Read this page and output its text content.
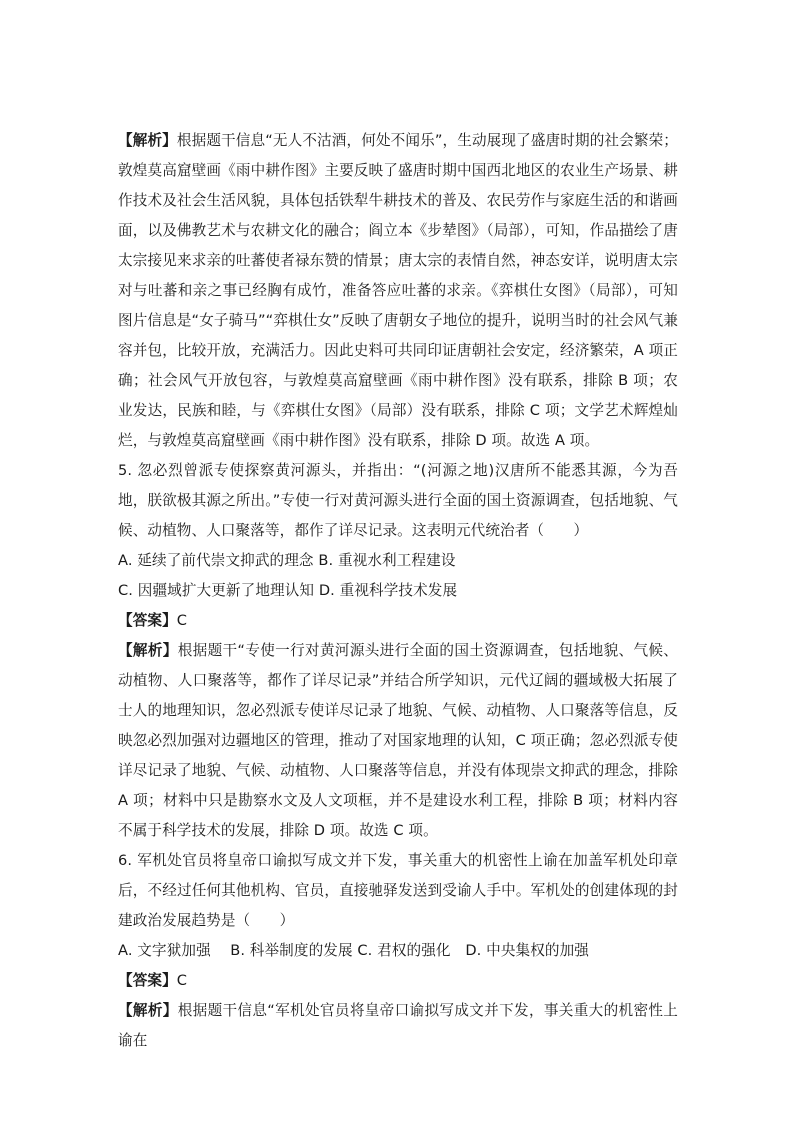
【解析】根据题干信息“无人不沽酒，何处不闻乐”，生动展现了盛唐时期的社会繁荣；敦煌莫高窟壁画《雨中耕作图》主要反映了盛唐时期中国西北地区的农业生产场景、耕作技术及社会生活风貌，具体包括铁犁牛耕技术的普及、农民劳作与家庭生活的和谐画面，以及佛教艺术与农耕文化的融合；阎立本《步辇图》（局部），可知，作品描绘了唐太宗接见来求亲的吐蕃使者禄东赞的情景；唐太宗的表情自然，神态安详，说明唐太宗对与吐蕃和亲之事已经胸有成竹，准备答应吐蕃的求亲。《弈棋仕女图》（局部），可知图片信息是“女子骑马”“弈棋仕女”反映了唐朝女子地位的提升，说明当时的社会风气兼容并包，比较开放，充满活力。因此史料可共同印证唐朝社会安定，经济繁荣，A 项正确；社会风气开放包容，与敦煌莫高窟壁画《雨中耕作图》没有联系，排除 B 项；农业发达，民族和睦，与《弈棋仕女图》（局部）没有联系，排除 C 项；文学艺术辉煌灿烂，与敦煌莫高窟壁画《雨中耕作图》没有联系，排除 D 项。故选 A 项。

5. 忽必烈曾派专使探察黄河源头，并指出：“(河源之地)汉唐所不能悉其源，今为吾地，朕欲极其源之所出。”专使一行对黄河源头进行全面的国土资源调查，包括地貌、气候、动植物、人口聚落等，都作了详尽记录。这表明元代统治者（　　）

A. 延续了前代崇文抑武的理念 B. 重视水利工程建设

C. 因疆域扩大更新了地理认知 D. 重视科学技术发展

【答案】C

【解析】根据题干“专使一行对黄河源头进行全面的国土资源调查，包括地貌、气候、动植物、人口聚落等，都作了详尽记录”并结合所学知识，元代辽阔的疆域极大拓展了士人的地理知识，忽必烈派专使详尽记录了地貌、气候、动植物、人口聚落等信息，反映忽必烈加强对边疆地区的管理，推动了对国家地理的认知，C 项正确；忽必烈派专使详尽记录了地貌、气候、动植物、人口聚落等信息，并没有体现崇文抑武的理念，排除 A 项；材料中只是勘察水文及人文项框，并不是建设水利工程，排除 B 项；材料内容不属于科学技术的发展，排除 D 项。故选 C 项。

6. 军机处官员将皇帝口谕拟写成文并下发，事关重大的机密性上谕在加盖军机处印章后，不经过任何其他机构、官员，直接驰驿发送到受谕人手中。军机处的创建体现的封建政治发展趋势是（　　）

A. 文字狱加强　 B. 科举制度的发展 C. 君权的强化　D. 中央集权的加强

【答案】C

【解析】根据题干信息“军机处官员将皇帝口谕拟写成文并下发，事关重大的机密性上谕在
